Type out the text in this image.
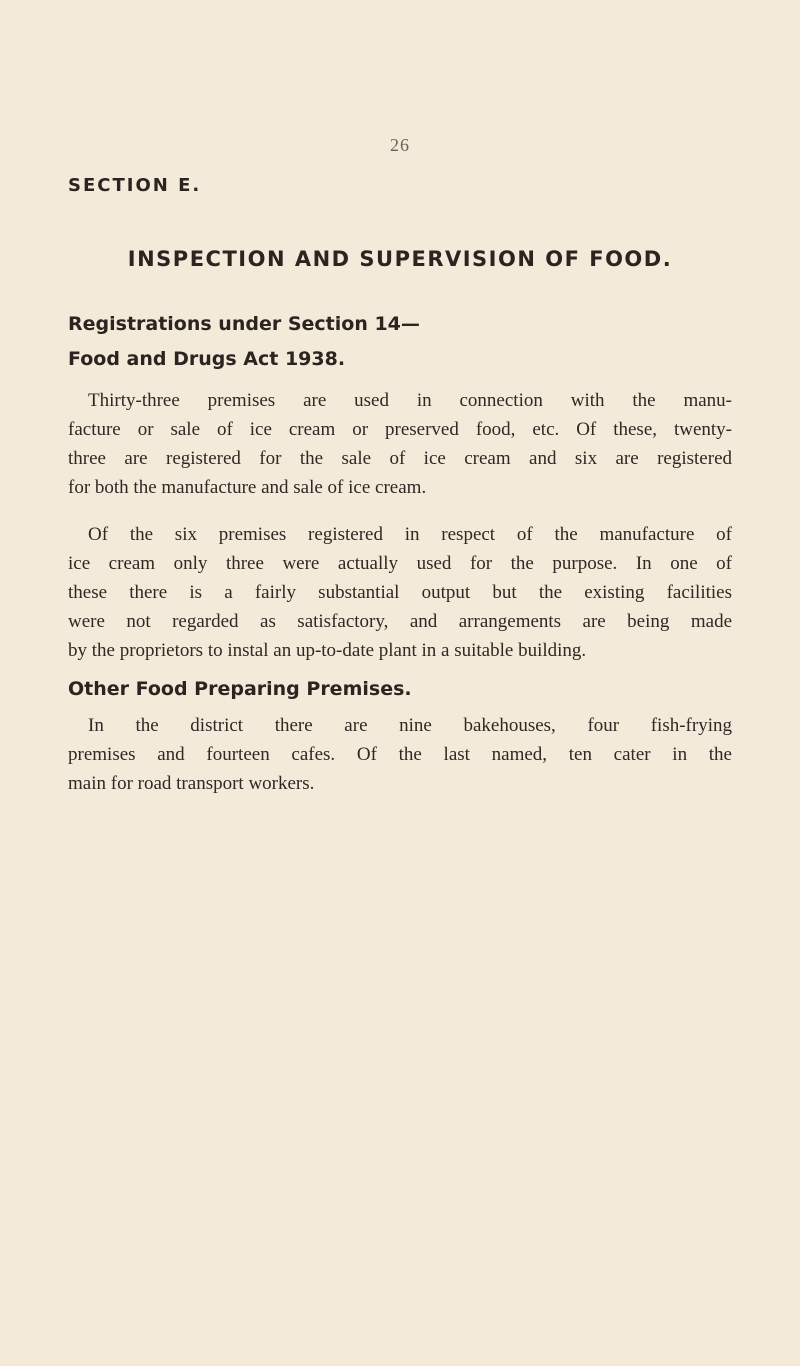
26
SECTION E.
INSPECTION AND SUPERVISION OF FOOD.
Registrations under Section 14—
Food and Drugs Act 1938.
Thirty-three premises are used in connection with the manu-
facture or sale of ice cream or preserved food, etc. Of these, twenty-
three are registered for the sale of ice cream and six are registered
for both the manufacture and sale of ice cream.
Of the six premises registered in respect of the manufacture of
ice cream only three were actually used for the purpose. In one of
these there is a fairly substantial output but the existing facilities
were not regarded as satisfactory, and arrangements are being made
by the proprietors to instal an up-to-date plant in a suitable building.
Other Food Preparing Premises.
In the district there are nine bakehouses, four fish-frying
premises and fourteen cafes. Of the last named, ten cater in the
main for road transport workers.
